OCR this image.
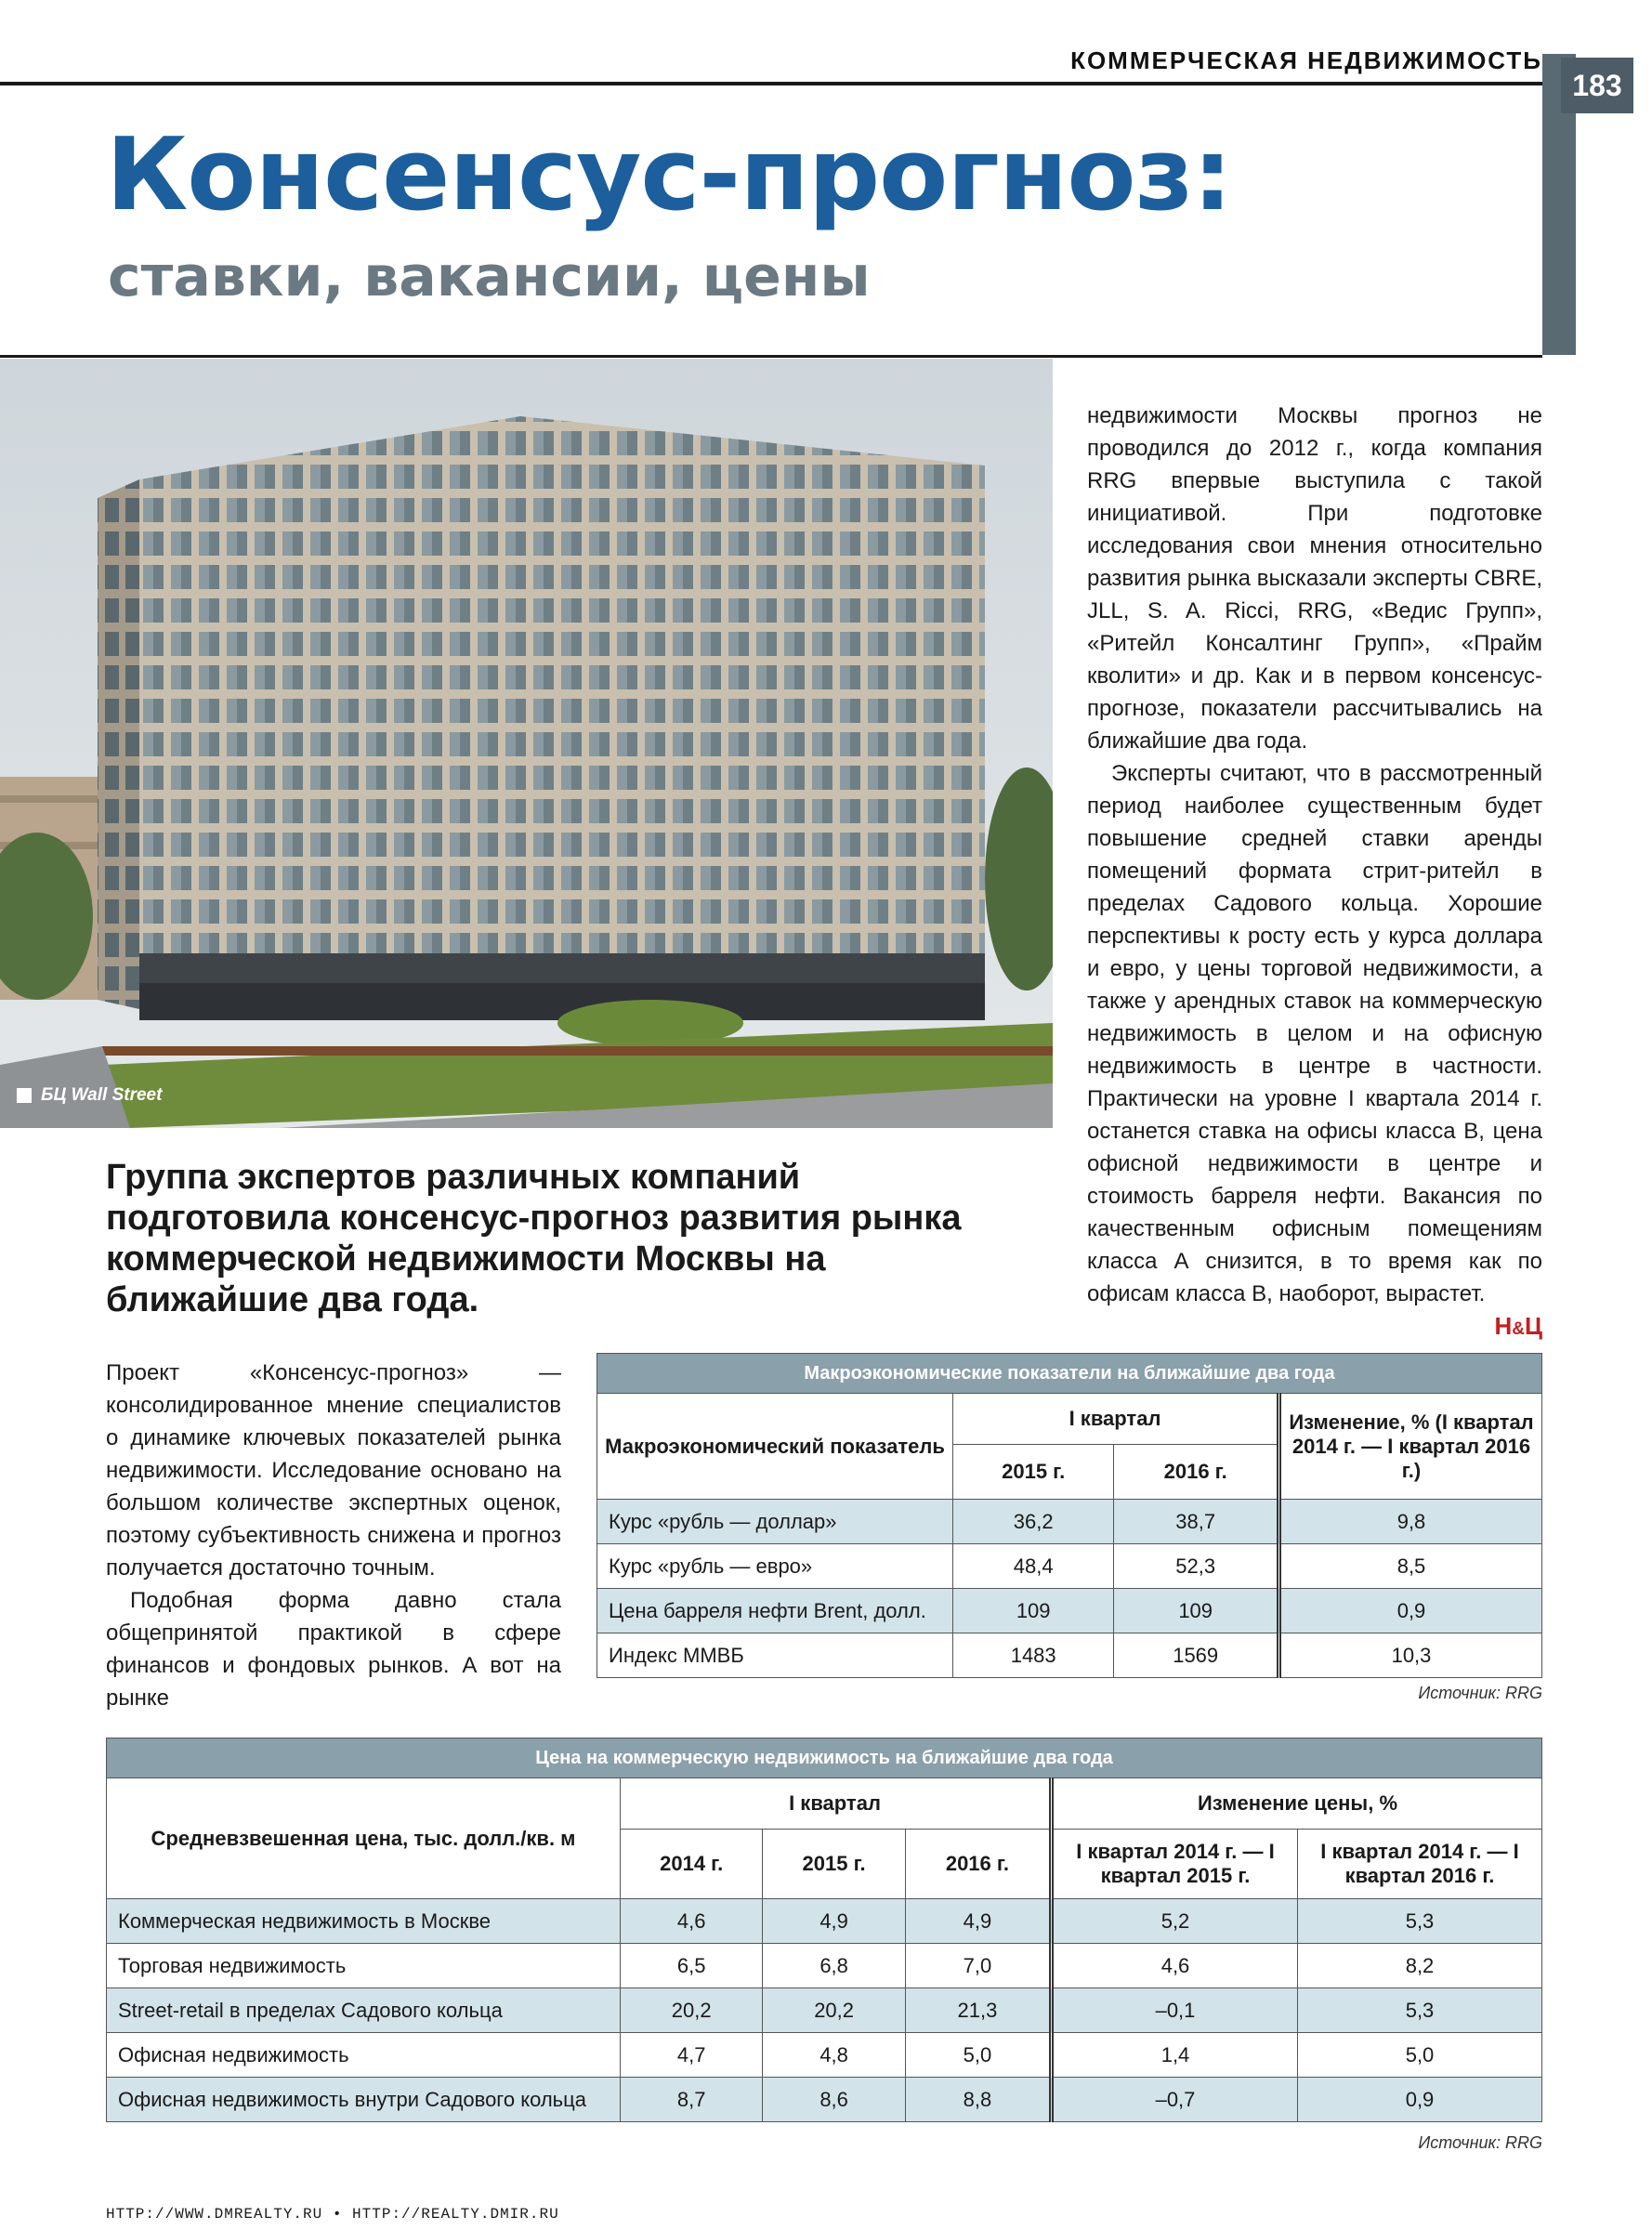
КОММЕРЧЕСКАЯ НЕДВИЖИМОСТЬ
183
Консенсус-прогноз:
ставки, вакансии, цены
БЦ Wall Street

недвижимости Москвы прогноз не проводился до 2012 г., когда компания RRG впервые выступила с такой инициативой. При подготовке исследования свои мнения относительно развития рынка высказали эксперты CBRE, JLL, S. A. Ricci, RRG, «Ведис Групп», «Ритейл Консалтинг Групп», «Прайм кволити» и др. Как и в первом консенсус-прогнозе, показатели рассчитывались на ближайшие два года.

Эксперты считают, что в рассмотренный период наиболее существенным будет повышение средней ставки аренды помещений формата стрит-ритейл в пределах Садового кольца. Хорошие перспективы к росту есть у курса доллара и евро, у цены торговой недвижимости, а также у арендных ставок на коммерческую недвижимость в целом и на офисную недвижимость в центре в частности. Практически на уровне I квартала 2014 г. останется ставка на офисы класса B, цена офисной недвижимости в центре и стоимость барреля нефти. Вакансия по качественным офисным помещениям класса А снизится, в то время как по офисам класса В, наоборот, вырастет.
Н&Ц

Группа экспертов различных компаний подготовила консенсус-прогноз развития рынка коммерческой недвижимости Москвы на ближайшие два года.

Проект «Консенсус-прогноз» — консолидированное мнение специалистов о динамике ключевых показателей рынка недвижимости. Исследование основано на большом количестве экспертных оценок, поэтому субъективность снижена и прогноз получается достаточно точным.

Подобная форма давно стала общепринятой практикой в сфере финансов и фондовых рынков. А вот на рынке

Макроэкономические показатели на ближайшие два года			
Макроэкономический показатель	I квартал		Изменение, % (I квартал 2014 г. — I квартал 2016 г.)
	2015 г.	2016 г.	
Курс «рубль — доллар»	36,2	38,7	9,8
Курс «рубль — евро»	48,4	52,3	8,5
Цена барреля нефти Brent, долл.	109	109	0,9
Индекс ММВБ	1483	1569	10,3
Источник: RRG
Цена на коммерческую недвижимость на ближайшие два года					
Средневзвешенная цена, тыс. долл./кв. м	I квартал			Изменение цены, %	
	2014 г.	2015 г.	2016 г.	I квартал 2014 г. — I квартал 2015 г.	I квартал 2014 г. — I квартал 2016 г.
Коммерческая недвижимость в Москве	4,6	4,9	4,9	5,2	5,3
Торговая недвижимость	6,5	6,8	7,0	4,6	8,2
Street-retail в пределах Садового кольца	20,2	20,2	21,3	–0,1	5,3
Офисная недвижимость	4,7	4,8	5,0	1,4	5,0
Офисная недвижимость внутри Садового кольца	8,7	8,6	8,8	–0,7	0,9
Источник: RRG
HTTP://WWW.DMREALTY.RU • HTTP://REALTY.DMIR.RU
